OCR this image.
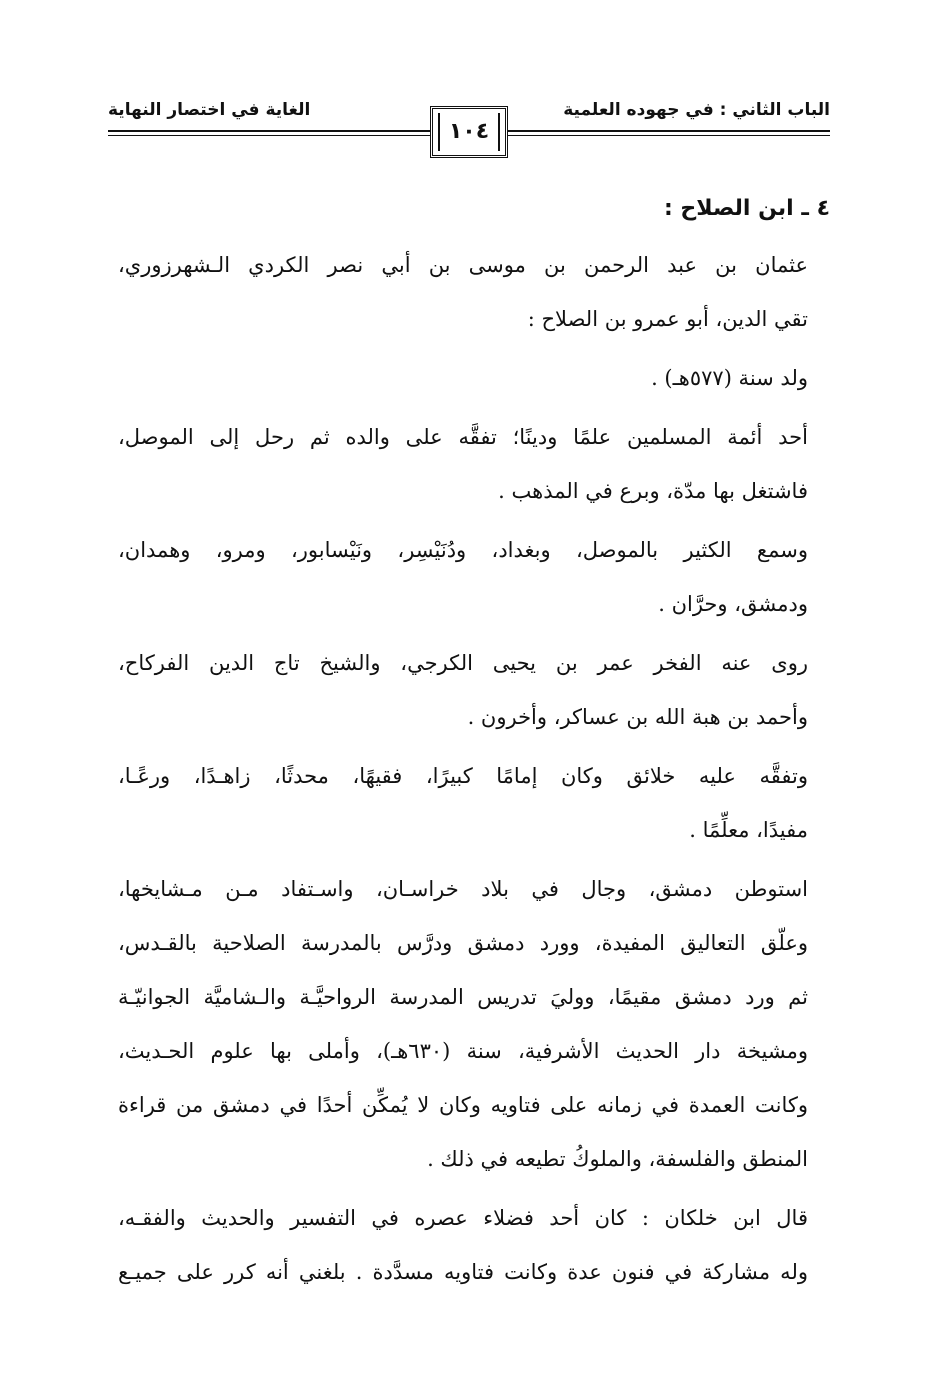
الباب الثاني : في جهوده العلمية
الغاية في اختصار النهاية
١٠٤
٤ ـ ابن الصلاح :
عثمان بن عبد الرحمن بن موسى بن أبي نصر الكردي الـشهرزوري،
تقي الدين، أبو عمرو بن الصلاح :
ولد سنة (٥٧٧هـ) .
أحد أئمة المسلمين علمًا ودينًا؛ تفقَّه على والده ثم رحل إلى الموصل،
فاشتغل بها مدّة، وبرع في المذهب .
وسمع الكثير بالموصل، وبغداد، ودُنَيْسِر، ونَيْسابور، ومرو، وهمدان،
ودمشق، وحرَّان .
روى عنه الفخر عمر بن يحيى الكرجي، والشيخ تاج الدين الفركاح،
وأحمد بن هبة الله بن عساكر، وأخرون .
وتفقَّه عليه خلائق وكان إمامًا كبيرًا، فقيهًا، محدثًا، زاهـدًا، ورعًـا،
مفيدًا، معلِّمًا .
استوطن دمشق، وجال في بلاد خراسـان، واسـتفاد مـن مـشايخها،
وعلّق التعاليق المفيدة، وورد دمشق ودرَّس بالمدرسة الصلاحية بالقـدس،
ثم ورد دمشق مقيمًا، ووليَ تدريس المدرسة الرواحيَّـة والـشاميَّة الجوانيّـة
ومشيخة دار الحديث الأشرفية، سنة (٦٣٠هـ)، وأملى بها علوم الحـديث،
وكانت العمدة في زمانه على فتاويه وكان لا يُمكِّن أحدًا في دمشق من قراءة
المنطق والفلسفة، والملوكُ تطيعه في ذلك .
قال ابن خلكان : كان أحد فضلاء عصره في التفسير والحديث والفقـه،
وله مشاركة في فنون عدة وكانت فتاويه مسدَّدة . بلغني أنه كرر على جميـع
